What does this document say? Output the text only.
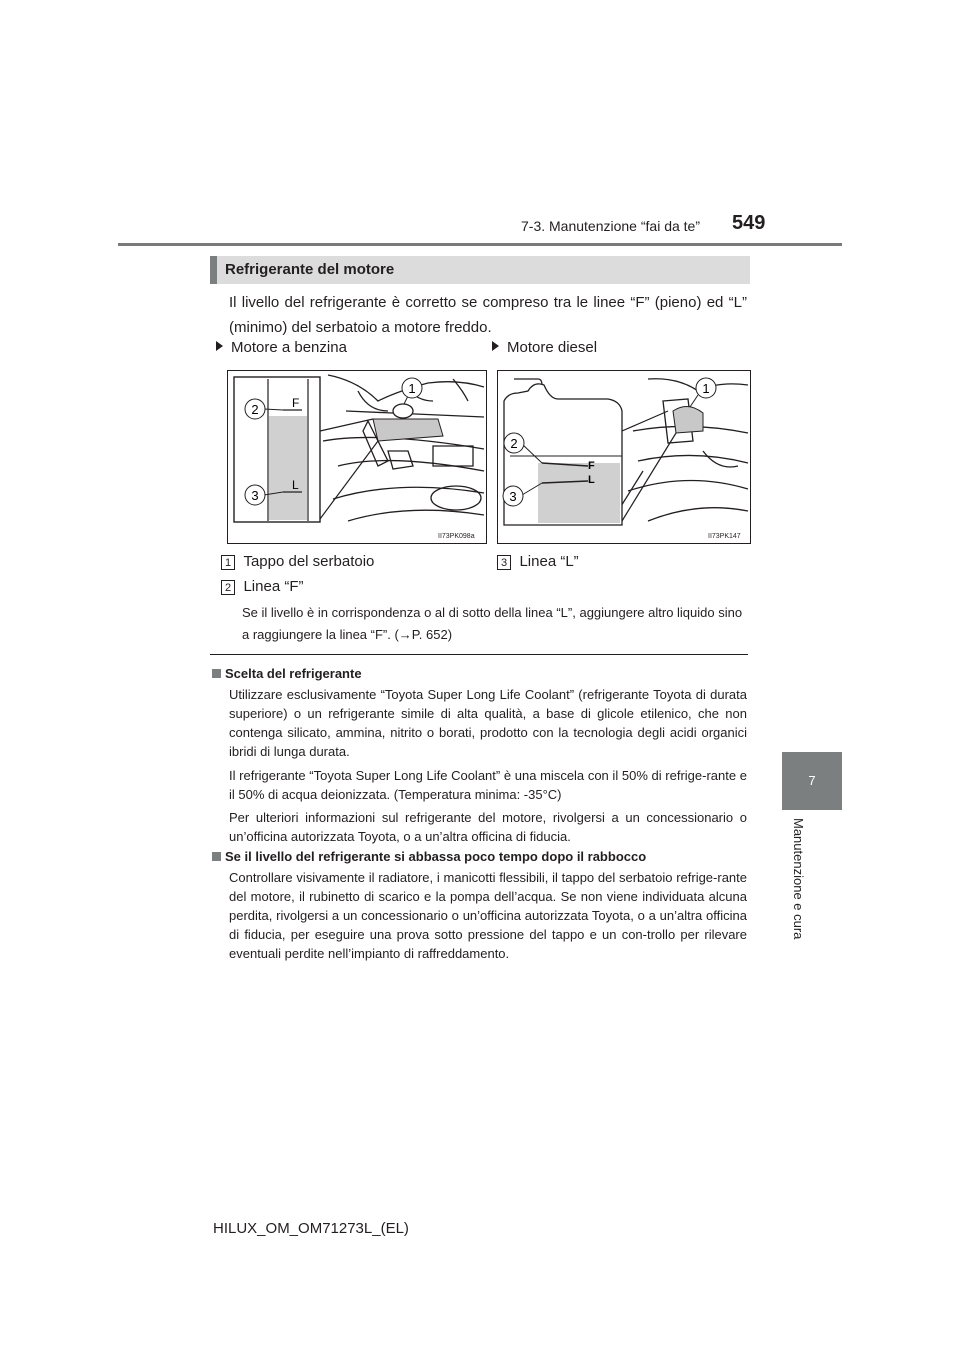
7-3. Manutenzione “fai da te” 549
7
Manutenzione e cura
Refrigerante del motore
Il livello del refrigerante è corretto se compreso tra le linee “F” (pieno) ed “L” (minimo) del serbatoio a motore freddo.
Motore a benzina	Motore diesel
F
L
2
3
1
II73PK098a
F
L
2
3
1
II73PK147
1 Tappo del serbatoio
2 Linea “F”
3 Linea “L”
Se il livello è in corrispondenza o al di sotto della linea “L”, aggiungere altro liquido sino a raggiungere la linea “F”. (→P. 652)
Scelta del refrigerante
Utilizzare esclusivamente “Toyota Super Long Life Coolant” (refrigerante Toyota di durata superiore) o un refrigerante simile di alta qualità, a base di glicole etilenico, che non contenga silicato, ammina, nitrito o borati, prodotto con la tecnologia degli acidi organici ibridi di lunga durata.
Il refrigerante “Toyota Super Long Life Coolant” è una miscela con il 50% di refrige-rante e il 50% di acqua deionizzata. (Temperatura minima: -35°C)
Per ulteriori informazioni sul refrigerante del motore, rivolgersi a un concessionario o un’officina autorizzata Toyota, o a un’altra officina di fiducia.
Se il livello del refrigerante si abbassa poco tempo dopo il rabbocco
Controllare visivamente il radiatore, i manicotti flessibili, il tappo del serbatoio refrige-rante del motore, il rubinetto di scarico e la pompa dell’acqua. Se non viene individuata alcuna perdita, rivolgersi a un concessionario o un’officina autorizzata Toyota, o a un’altra officina di fiducia, per eseguire una prova sotto pressione del tappo e un con-trollo per rilevare eventuali perdite nell’impianto di raffreddamento.
HILUX_OM_OM71273L_(EL)
